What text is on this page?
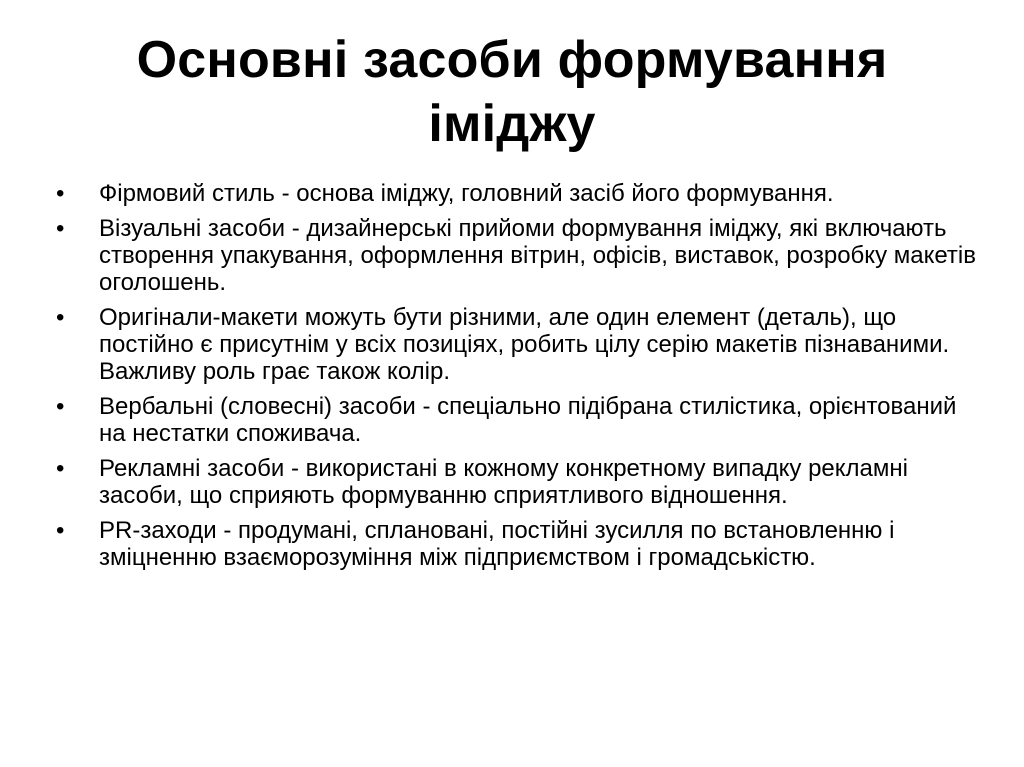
Основні засоби формування іміджу
•	Фірмовий стиль - основа іміджу, головний засіб його формування.
•	Візуальні засоби - дизайнерські прийоми формування іміджу, які включають створення упакування, оформлення вітрин, офісів, виставок, розробку макетів оголошень.
•	Оригінали-макети можуть бути різними, але один елемент (деталь), що постійно є присутнім у всіх позиціях, робить цілу серію макетів пізнаваними. Важливу роль грає також колір.
•	Вербальні (словесні) засоби - спеціально підібрана стилістика, орієнтований на нестатки споживача.
•	Рекламні засоби - використані в кожному конкретному випадку рекламні засоби, що сприяють формуванню сприятливого відношення.
•	PR-заходи - продумані, сплановані, постійні зусилля по встановленню і зміцненню взаєморозуміння між підприємством і громадськістю.
